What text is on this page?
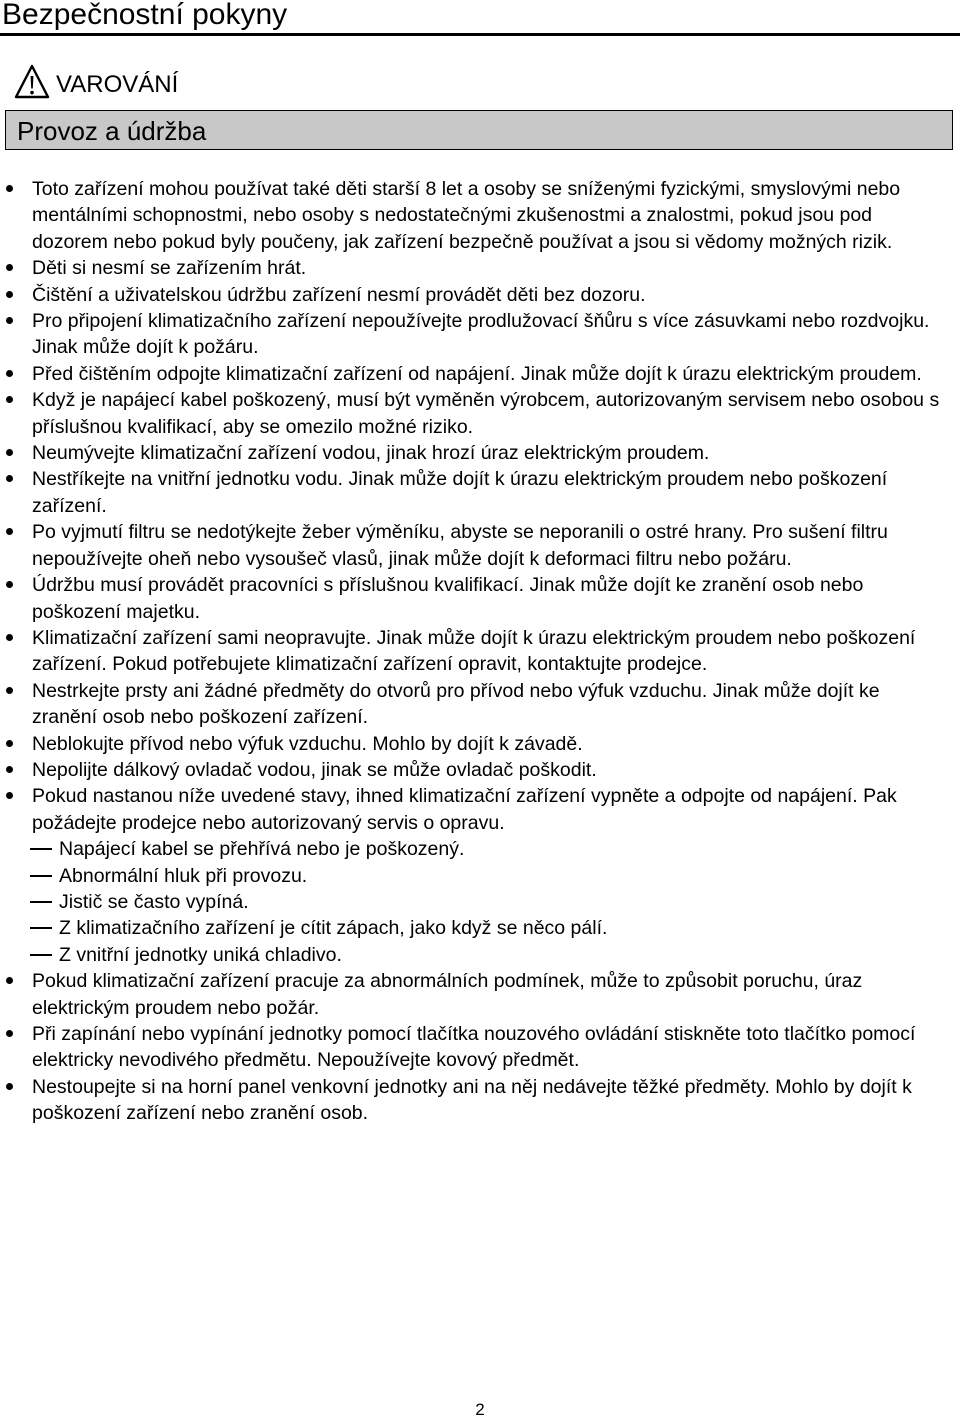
Bezpečnostní pokyny
VAROVÁNÍ
Provoz a údržba
Toto zařízení mohou používat také děti starší 8 let a osoby se sníženými fyzickými, smyslovými nebo mentálními schopnostmi, nebo osoby s nedostatečnými zkušenostmi a znalostmi, pokud jsou pod dozorem nebo pokud byly poučeny, jak zařízení bezpečně používat a jsou si vědomy možných rizik.
Děti si nesmí se zařízením hrát.
Čištění a uživatelskou údržbu zařízení nesmí provádět děti bez dozoru.
Pro připojení klimatizačního zařízení nepoužívejte prodlužovací šňůru s více zásuvkami nebo rozdvojku. Jinak může dojít k požáru.
Před čištěním odpojte klimatizační zařízení od napájení. Jinak může dojít k úrazu elektrickým proudem.
Když je napájecí kabel poškozený, musí být vyměněn výrobcem, autorizovaným servisem nebo osobou s příslušnou kvalifikací, aby se omezilo možné riziko.
Neumývejte klimatizační zařízení vodou, jinak hrozí úraz elektrickým proudem.
Nestříkejte na vnitřní jednotku vodu. Jinak může dojít k úrazu elektrickým proudem nebo poškození zařízení.
Po vyjmutí filtru se nedotýkejte žeber výměníku, abyste se neporanili o ostré hrany. Pro sušení filtru nepoužívejte oheň nebo vysoušeč vlasů, jinak může dojít k deformaci filtru nebo požáru.
Údržbu musí provádět pracovníci s příslušnou kvalifikací. Jinak může dojít ke zranění osob nebo poškození majetku.
Klimatizační zařízení sami neopravujte. Jinak může dojít k úrazu elektrickým proudem nebo poškození zařízení. Pokud potřebujete klimatizační zařízení opravit, kontaktujte prodejce.
Nestrkejte prsty ani žádné předměty do otvorů pro přívod nebo výfuk vzduchu. Jinak může dojít ke zranění osob nebo poškození zařízení.
Neblokujte přívod nebo výfuk vzduchu. Mohlo by dojít k závadě.
Nepolijte dálkový ovladač vodou, jinak se může ovladač poškodit.
Pokud nastanou níže uvedené stavy, ihned klimatizační zařízení vypněte a odpojte od napájení. Pak požádejte prodejce nebo autorizovaný servis o opravu.
Napájecí kabel se přehřívá nebo je poškozený.
Abnormální hluk při provozu.
Jistič se často vypíná.
Z klimatizačního zařízení je cítit zápach, jako když se něco pálí.
Z vnitřní jednotky uniká chladivo.
Pokud klimatizační zařízení pracuje za abnormálních podmínek, může to způsobit poruchu, úraz elektrickým proudem nebo požár.
Při zapínání nebo vypínání jednotky pomocí tlačítka nouzového ovládání stiskněte toto tlačítko pomocí elektricky nevodivého předmětu. Nepoužívejte kovový předmět.
Nestoupejte si na horní panel venkovní jednotky ani na něj nedávejte těžké předměty. Mohlo by dojít k poškození zařízení nebo zranění osob.
2
